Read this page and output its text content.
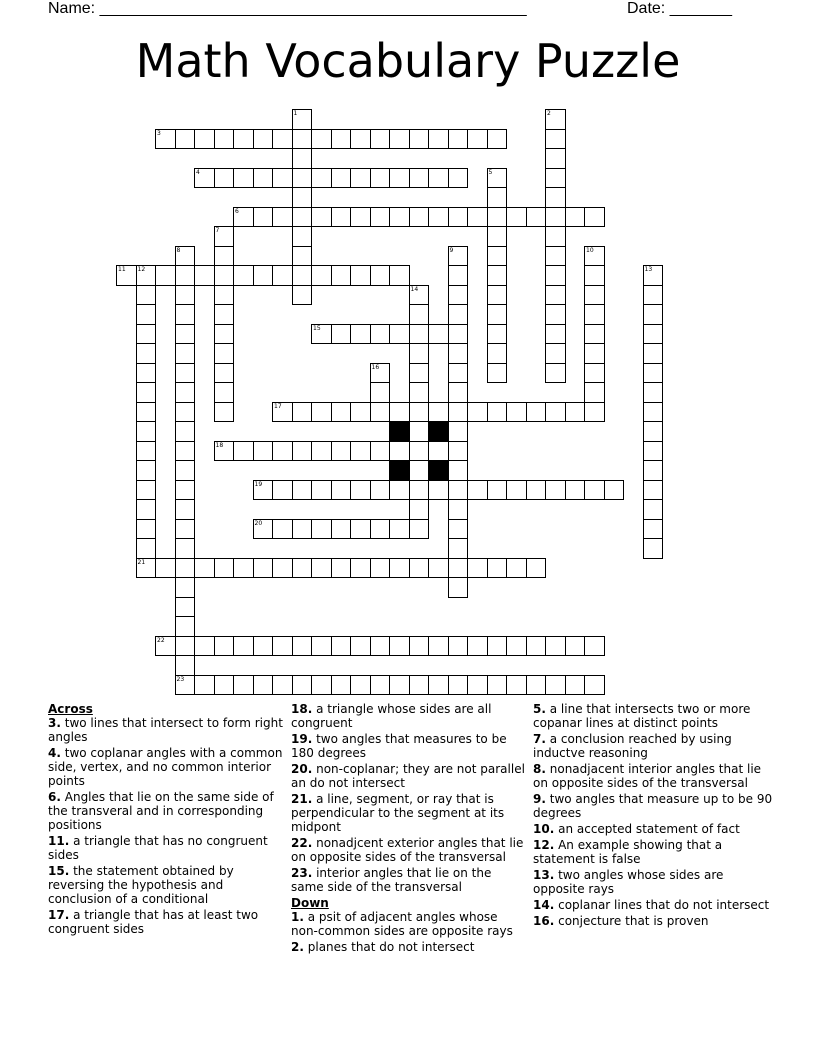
Name: ________________________________________________	Date: _______
Math Vocabulary Puzzle
3
4
6
11 12
15
17
18
19
20
21
22
23
1	2
5
7
8	9	10
13
14
16
Across
3. two lines that intersect to form right angles
4. two coplanar angles with a common side, vertex, and no common interior points
6. Angles that lie on the same side of the transveral and in corresponding positions
11. a triangle that has no congruent sides
15. the statement obtained by reversing the hypothesis and conclusion of a conditional
17. a triangle that has at least two congruent sides
18. a triangle whose sides are all congruent
19. two angles that measures to be 180 degrees
20. non-coplanar; they are not parallel an do not intersect
21. a line, segment, or ray that is perpendicular to the segment at its midpont
22. nonadjcent exterior angles that lie on opposite sides of the transversal
23. interior angles that lie on the same side of the transversal
Down
1. a psit of adjacent angles whose non-common sides are opposite rays
2. planes that do not intersect
5. a line that intersects two or more copanar lines at distinct points
7. a conclusion reached by using inductve reasoning
8. nonadjacent interior angles that lie on opposite sides of the transversal
9. two angles that measure up to be 90 degrees
10. an accepted statement of fact
12. An example showing that a statement is false
13. two angles whose sides are opposite rays
14. coplanar lines that do not intersect
16. conjecture that is proven
